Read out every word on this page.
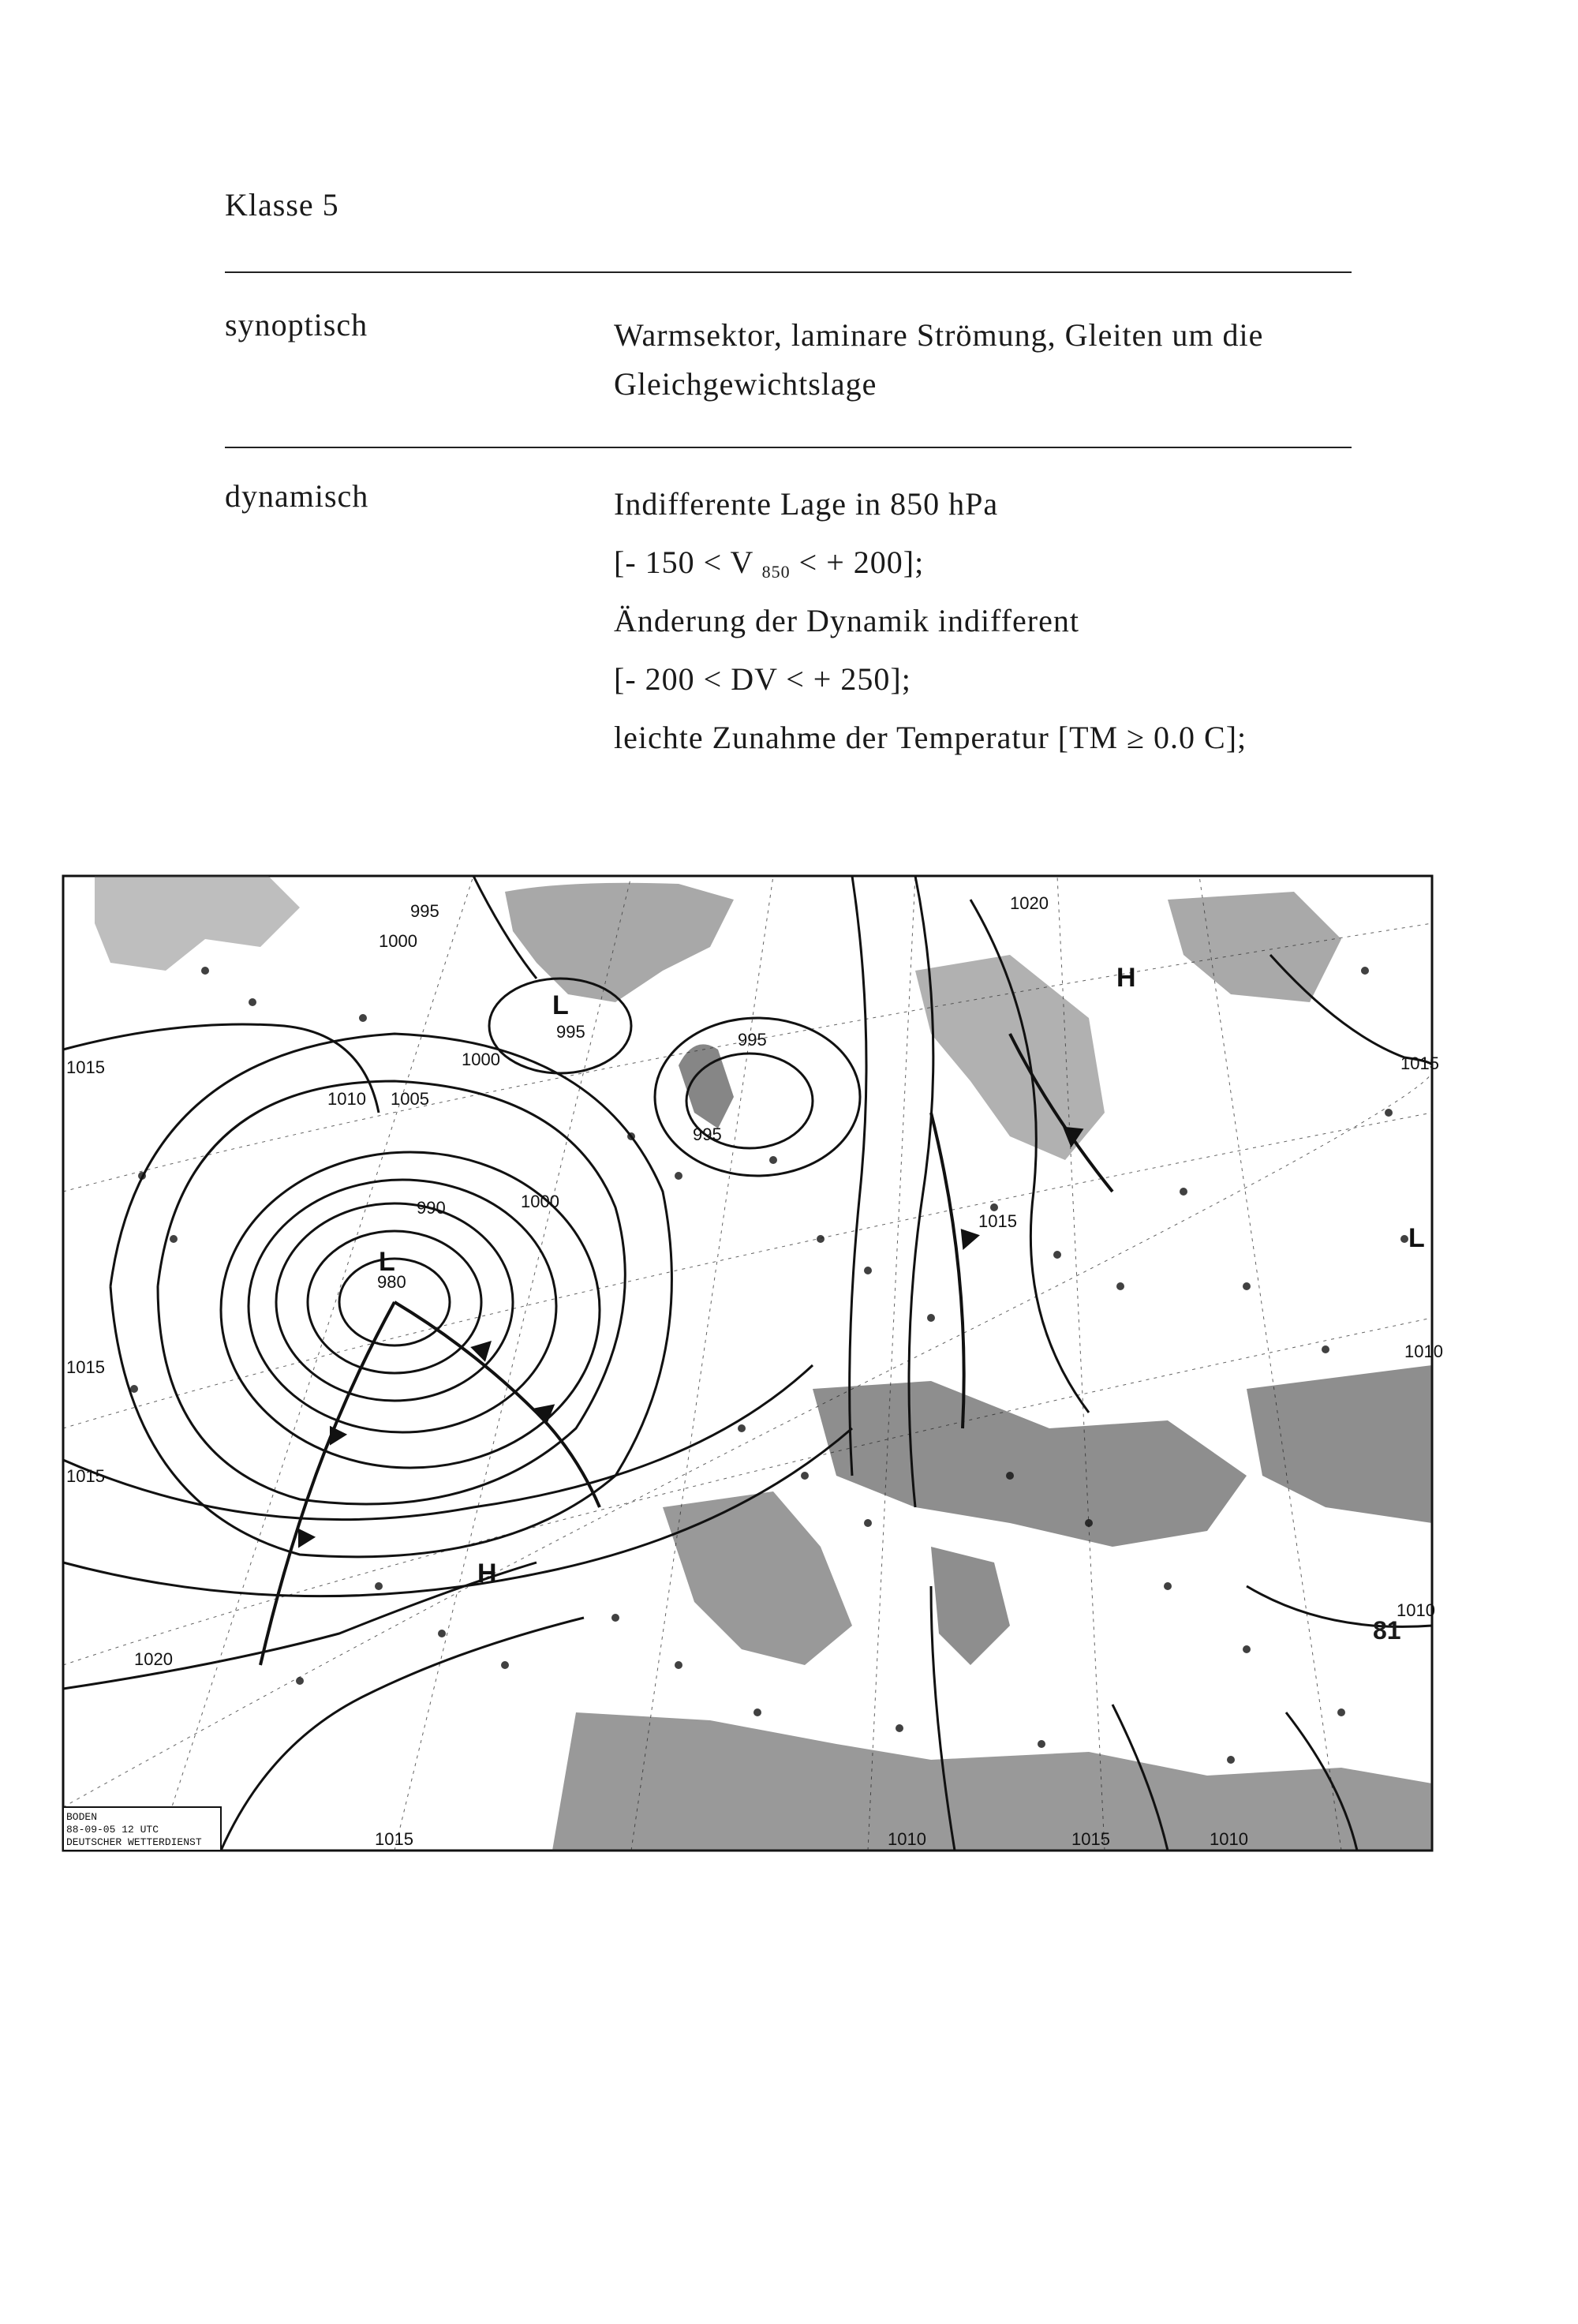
Klasse 5
synoptisch	Warmsektor, laminare Strömung, Gleiten um die
Gleichgewichtslage
dynamisch	Indifferente Lage in 850 hPa
[- 150 < V $_{850}$ < + 200];
Änderung der Dynamik indifferent
[- 200 < DV < + 250];
leichte Zunahme der Temperatur [TM ≥ 0.0 C];
995
1000
1015
1010 1005
995
1000
995
995
1000
990
980
1020
1015
1015
1020
1015
1015
1015
1010
1010
1010
1015
1010
H
H
L
L
L
BODEN
88-09-05 12 UTC
DEUTSCHER WETTERDIENST
81
